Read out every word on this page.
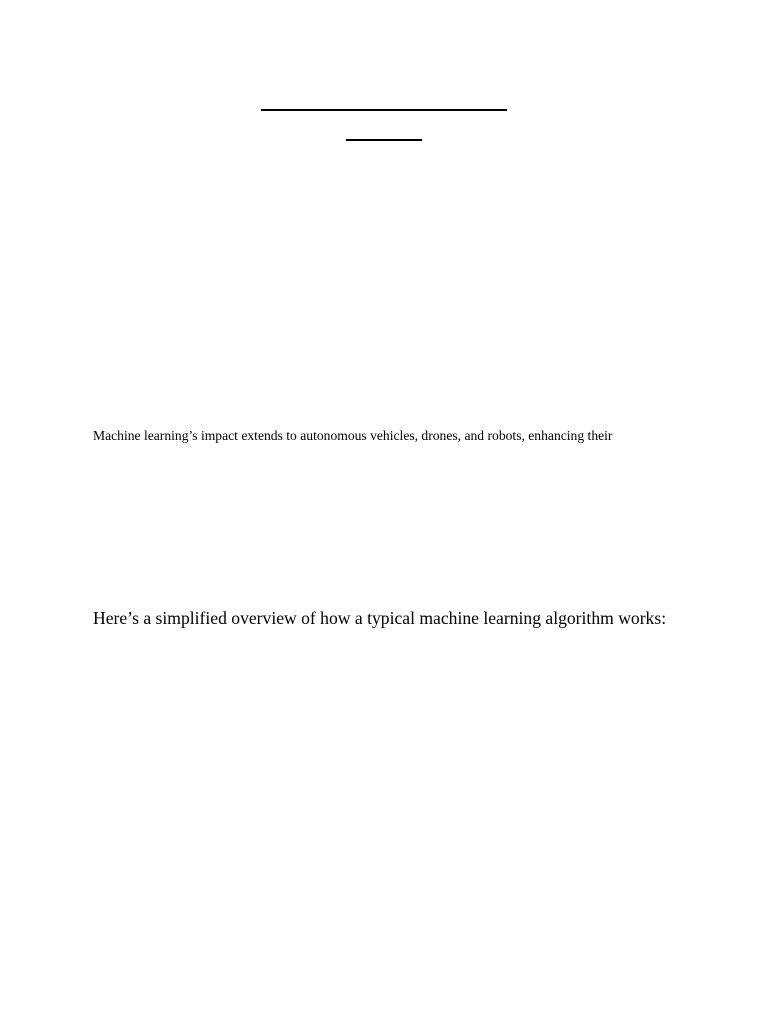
Machine learning’s impact extends to autonomous vehicles, drones, and robots, enhancing their

Here’s a simplified overview of how a typical machine learning algorithm works:
